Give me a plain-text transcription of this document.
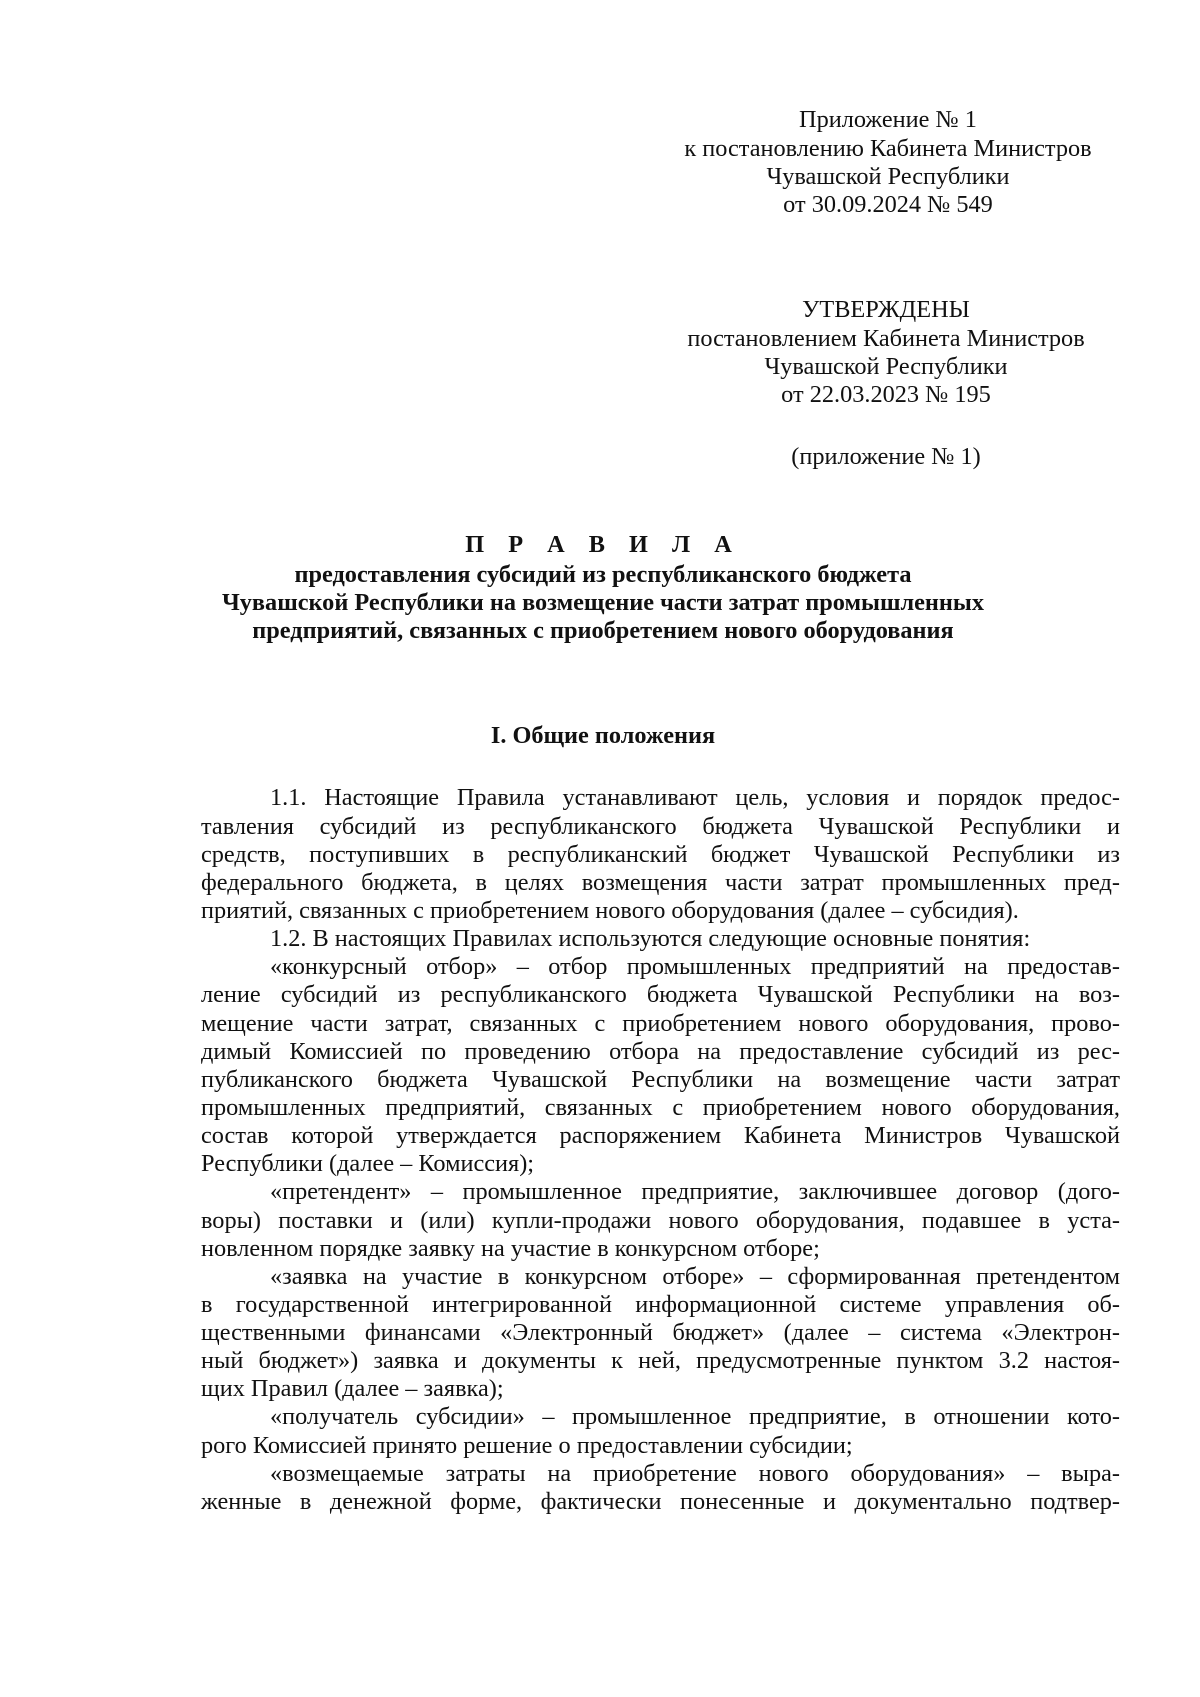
Приложение № 1
к постановлению Кабинета Министров
Чувашской Республики
от 30.09.2024 № 549
УТВЕРЖДЕНЫ
постановлением Кабинета Министров
Чувашской Республики
от 22.03.2023 № 195
(приложение № 1)
П Р А В И Л А
предоставления субсидий из республиканского бюджета
Чувашской Республики на возмещение части затрат промышленных
предприятий, связанных с приобретением нового оборудования
I. Общие положения
1.1. Настоящие Правила устанавливают цель, условия и порядок предос-
тавления субсидий из республиканского бюджета Чувашской Республики и
средств, поступивших в республиканский бюджет Чувашской Республики из
федерального бюджета, в целях возмещения части затрат промышленных пред-
приятий, связанных с приобретением нового оборудования (далее – субсидия).
1.2. В настоящих Правилах используются следующие основные понятия:
«конкурсный отбор» – отбор промышленных предприятий на предостав-
ление субсидий из республиканского бюджета Чувашской Республики на воз-
мещение части затрат, связанных с приобретением нового оборудования, прово-
димый Комиссией по проведению отбора на предоставление субсидий из рес-
публиканского бюджета Чувашской Республики на возмещение части затрат
промышленных предприятий, связанных с приобретением нового оборудования,
состав которой утверждается распоряжением Кабинета Министров Чувашской
Республики (далее – Комиссия);
«претендент» – промышленное предприятие, заключившее договор (дого-
воры) поставки и (или) купли-продажи нового оборудования, подавшее в уста-
новленном порядке заявку на участие в конкурсном отборе;
«заявка на участие в конкурсном отборе» – сформированная претендентом
в государственной интегрированной информационной системе управления об-
щественными финансами «Электронный бюджет» (далее – система «Электрон-
ный бюджет») заявка и документы к ней, предусмотренные пунктом 3.2 настоя-
щих Правил (далее – заявка);
«получатель субсидии» – промышленное предприятие, в отношении кото-
рого Комиссией принято решение о предоставлении субсидии;
«возмещаемые затраты на приобретение нового оборудования» – выра-
женные в денежной форме, фактически понесенные и документально подтвер-
